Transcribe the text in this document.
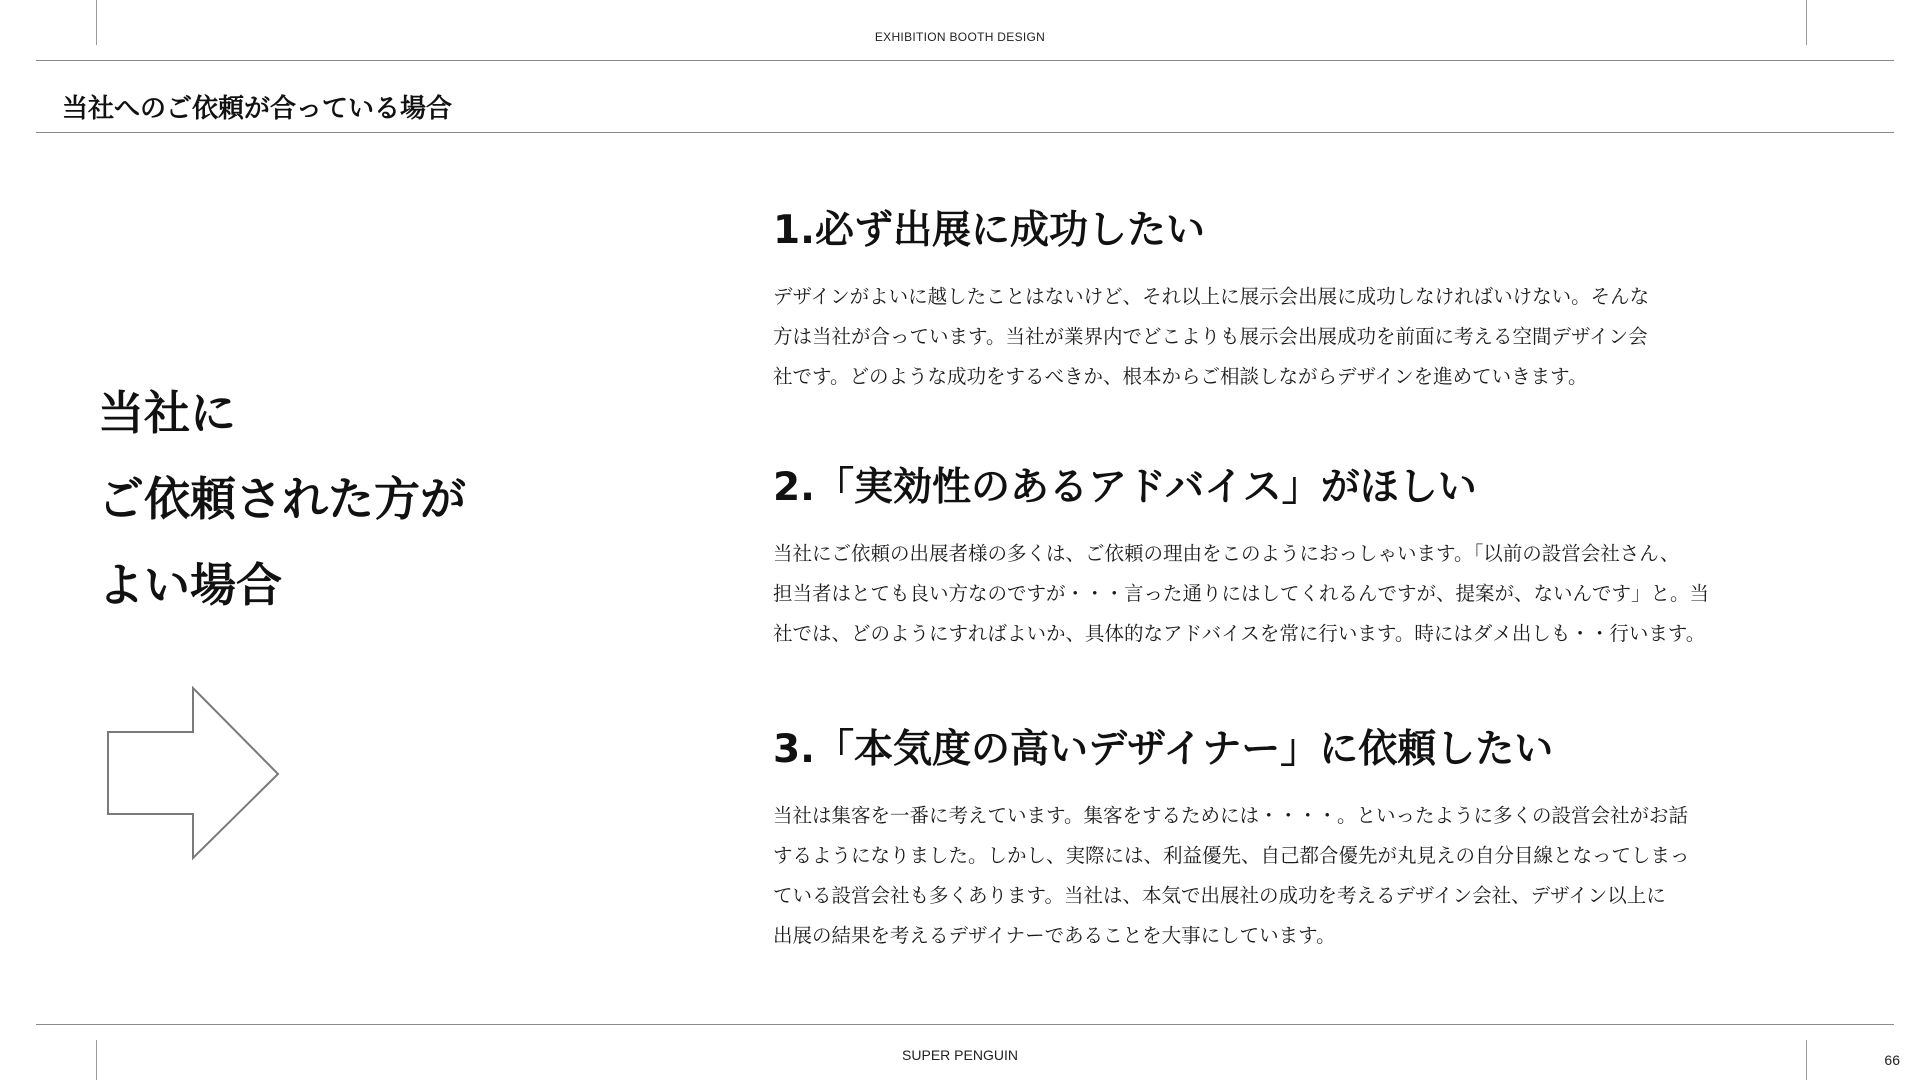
EXHIBITION BOOTH DESIGN
当社へのご依頼が合っている場合
当社に
ご依頼された方が
よい場合
1.必ず出展に成功したい
デザインがよいに越したことはないけど、それ以上に展示会出展に成功しなければいけない。そんな
方は当社が合っています。当社が業界内でどこよりも展示会出展成功を前面に考える空間デザイン会
社です。どのような成功をするべきか、根本からご相談しながらデザインを進めていきます。
2.「実効性のあるアドバイス」がほしい
当社にご依頼の出展者様の多くは、ご依頼の理由をこのようにおっしゃいます。「以前の設営会社さん、
担当者はとても良い方なのですが・・・言った通りにはしてくれるんですが、提案が、ないんです」と。当
社では、どのようにすればよいか、具体的なアドバイスを常に行います。時にはダメ出しも・・行います。
3.「本気度の高いデザイナー」に依頼したい
当社は集客を一番に考えています。集客をするためには・・・・。といったように多くの設営会社がお話
するようになりました。しかし、実際には、利益優先、自己都合優先が丸見えの自分目線となってしまっ
ている設営会社も多くあります。当社は、本気で出展社の成功を考えるデザイン会社、デザイン以上に
出展の結果を考えるデザイナーであることを大事にしています。
SUPER PENGUIN	66
